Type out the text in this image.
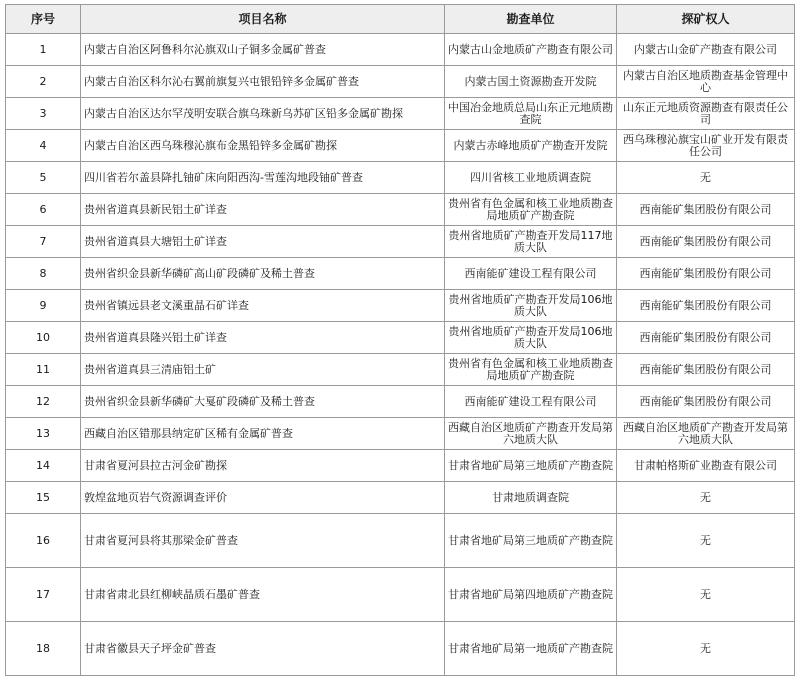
序号	项目名称	勘查单位	探矿权人
1	内蒙古自治区阿鲁科尔沁旗双山子铜多金属矿普查	内蒙古山金地质矿产勘查有限公司	内蒙古山金矿产勘查有限公司
2	内蒙古自治区科尔沁右翼前旗复兴屯银铅锌多金属矿普查	内蒙古国土资源勘查开发院	内蒙古自治区地质勘查基金管理中心
3	内蒙古自治区达尔罕茂明安联合旗乌珠新乌苏矿区铅多金属矿勘探	中国冶金地质总局山东正元地质勘查院	山东正元地质资源勘查有限责任公司
4	内蒙古自治区西乌珠穆沁旗布金黑铅锌多金属矿勘探	内蒙古赤峰地质矿产勘查开发院	西乌珠穆沁旗宝山矿业开发有限责任公司
5	四川省若尔盖县降扎铀矿床向阳西沟-雪莲沟地段铀矿普查	四川省核工业地质调查院	无
6	贵州省道真县新民铝土矿详查	贵州省有色金属和核工业地质勘查局地质矿产勘查院	西南能矿集团股份有限公司
7	贵州省道真县大塘铝土矿详查	贵州省地质矿产勘查开发局117地质大队	西南能矿集团股份有限公司
8	贵州省织金县新华磷矿高山矿段磷矿及稀土普查	西南能矿建设工程有限公司	西南能矿集团股份有限公司
9	贵州省镇远县老文溪重晶石矿详查	贵州省地质矿产勘查开发局106地质大队	西南能矿集团股份有限公司
10	贵州省道真县隆兴铝土矿详查	贵州省地质矿产勘查开发局106地质大队	西南能矿集团股份有限公司
11	贵州省道真县三清庙铝土矿	贵州省有色金属和核工业地质勘查局地质矿产勘查院	西南能矿集团股份有限公司
12	贵州省织金县新华磷矿大戛矿段磷矿及稀土普查	西南能矿建设工程有限公司	西南能矿集团股份有限公司
13	西藏自治区错那县纳定矿区稀有金属矿普查	西藏自治区地质矿产勘查开发局第六地质大队	西藏自治区地质矿产勘查开发局第六地质大队
14	甘肃省夏河县拉古河金矿勘探	甘肃省地矿局第三地质矿产勘查院	甘肃帕格斯矿业勘查有限公司
15	敦煌盆地页岩气资源调查评价	甘肃地质调查院	无
16	甘肃省夏河县将其那梁金矿普查	甘肃省地矿局第三地质矿产勘查院	无
17	甘肃省肃北县红柳峡晶质石墨矿普查	甘肃省地矿局第四地质矿产勘查院	无
18	甘肃省徽县天子坪金矿普查	甘肃省地矿局第一地质矿产勘查院	无
